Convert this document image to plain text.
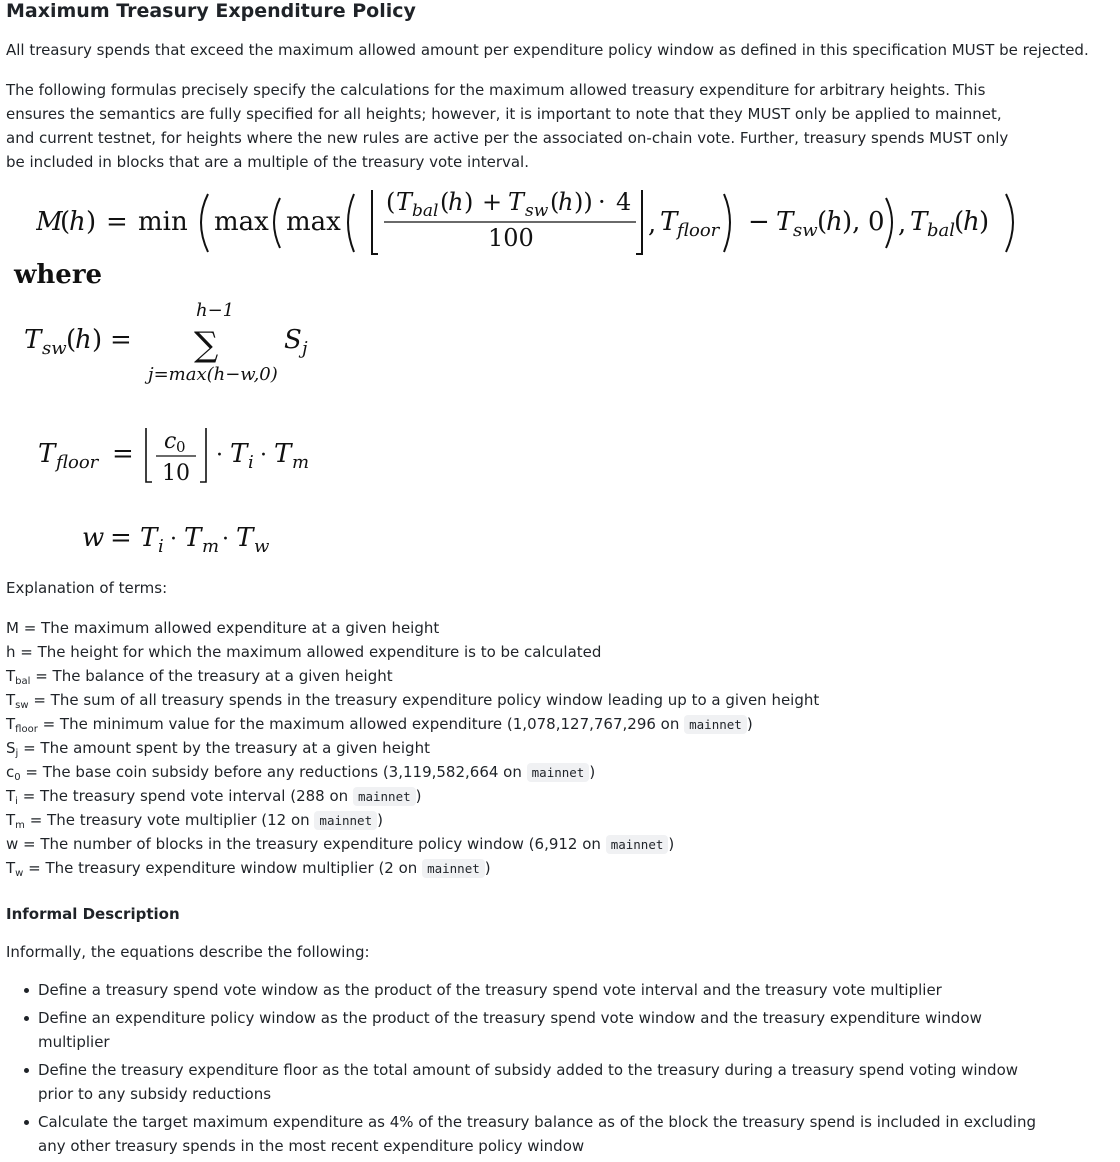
Maximum Treasury Expenditure Policy

All treasury spends that exceed the maximum allowed amount per expenditure policy window as defined in this specification MUST be rejected.

The following formulas precisely specify the calculations for the maximum allowed treasury expenditure for arbitrary heights. This ensures the semantics are fully specified for all heights; however, it is important to note that they MUST only be applied to mainnet, and current testnet, for heights where the new rules are active per the associated on-chain vote. Further, treasury spends MUST only be included in blocks that are a multiple of the treasury vote interval.

M
(
h ) = min max max
( T bal (
h ) + T sw (
h )) · 4
100	, T floor − T sw (
h ), 0 , T bal
(
h )
where
T sw (
h ) =
h−1
∑
j=max(h−w,0)
S j
T floor = c 0
10
· T i · T m
w = T i · T m · T w

Explanation of terms:

M = The maximum allowed expenditure at a given height
h = The height for which the maximum allowed expenditure is to be calculated
$T_{bal}$ = The balance of the treasury at a given height
$T_{sw}$ = The sum of all treasury spends in the treasury expenditure policy window leading up to a given height
$T_{floor}$ = The minimum value for the maximum allowed expenditure (1,078,127,767,296 on mainnet )
$S_j$ = The amount spent by the treasury at a given height
$c_0$ = The base coin subsidy before any reductions (3,119,582,664 on mainnet )
$T_i$ = The treasury spend vote interval (288 on mainnet )
$T_m$ = The treasury vote multiplier (12 on mainnet )
w = The number of blocks in the treasury expenditure policy window (6,912 on mainnet )
$T_w$ = The treasury expenditure window multiplier (2 on mainnet )

Informal Description

Informally, the equations describe the following:

Define a treasury spend vote window as the product of the treasury spend vote interval and the treasury vote multiplier
Define an expenditure policy window as the product of the treasury spend vote window and the treasury expenditure window multiplier
Define the treasury expenditure floor as the total amount of subsidy added to the treasury during a treasury spend voting window prior to any subsidy reductions
Calculate the target maximum expenditure as 4% of the treasury balance as of the block the treasury spend is included in excluding any other treasury spends in the most recent expenditure policy window
